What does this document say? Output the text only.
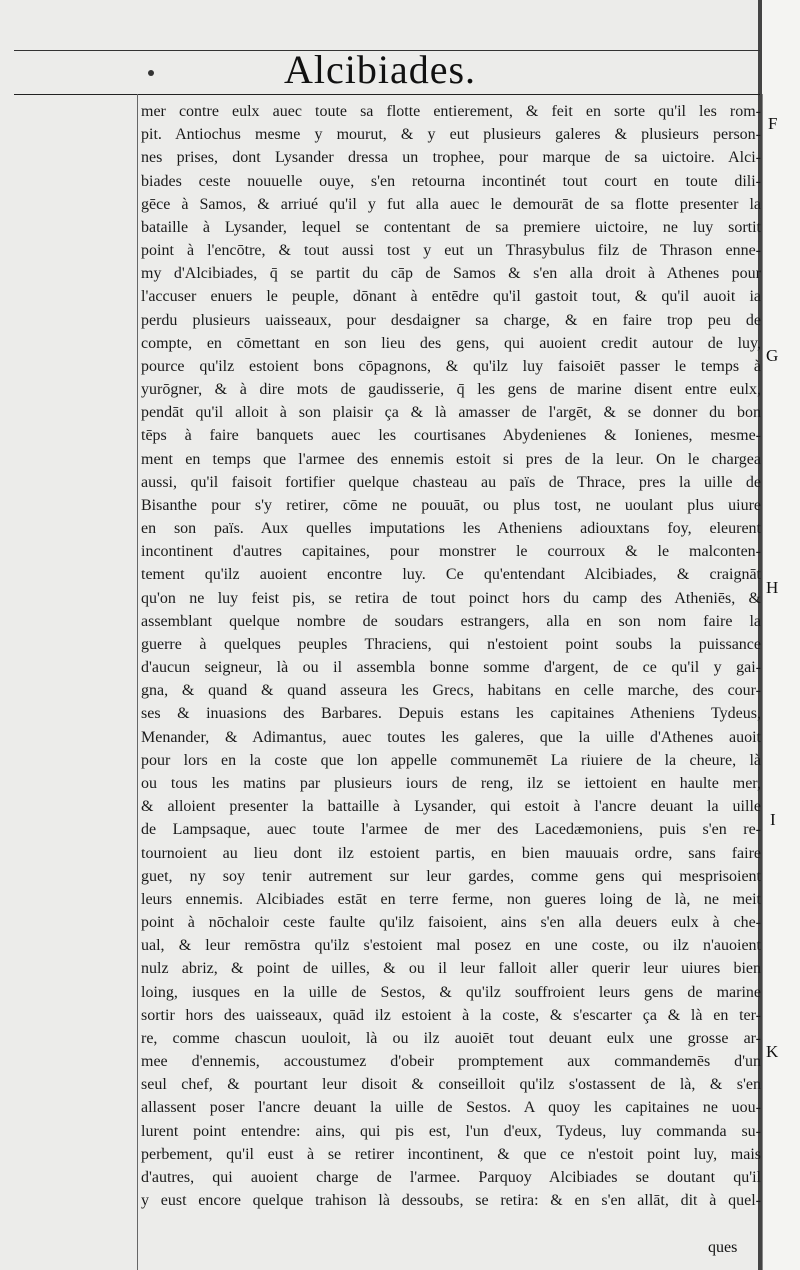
Alcibiades.
mer contre eulx auec toute sa flotte entierement, & feit en sorte qu'il les rom-
pit. Antiochus mesme y mourut, & y eut plusieurs galeres & plusieurs person-
nes prises, dont Lysander dressa un trophee, pour marque de sa uictoire. Alci-
biades ceste nouuelle ouye, s'en retourna incontinét tout court en toute dili-
gēce à Samos, & arriué qu'il y fut alla auec le demourāt de sa flotte presenter la
bataille à Lysander, lequel se contentant de sa premiere uictoire, ne luy sortit
point à l'encōtre, & tout aussi tost y eut un Thrasybulus filz de Thrason enne-
my d'Alcibiades, q̄ se partit du cāp de Samos & s'en alla droit à Athenes pour
l'accuser enuers le peuple, dōnant à entēdre qu'il gastoit tout, & qu'il auoit ia
perdu plusieurs uaisseaux, pour desdaigner sa charge, & en faire trop peu de
compte, en cōmettant en son lieu des gens, qui auoient credit autour de luy,
pource qu'ilz estoient bons cōpagnons, & qu'ilz luy faisoiēt passer le temps à
yurōgner, & à dire mots de gaudisserie, q̄ les gens de marine disent entre eulx,
pendāt qu'il alloit à son plaisir ça & là amasser de l'argēt, & se donner du bon
tēps à faire banquets auec les courtisanes Abydenienes & Ionienes, mesme-
ment en temps que l'armee des ennemis estoit si pres de la leur. On le chargea
aussi, qu'il faisoit fortifier quelque chasteau au païs de Thrace, pres la uille de
Bisanthe pour s'y retirer, cōme ne pouuāt, ou plus tost, ne uoulant plus uiure
en son païs. Aux quelles imputations les Atheniens adiouxtans foy, eleurent
incontinent d'autres capitaines, pour monstrer le courroux & le malconten-
tement qu'ilz auoient encontre luy. Ce qu'entendant Alcibiades, & craignāt
qu'on ne luy feist pis, se retira de tout poinct hors du camp des Atheniēs, &
assemblant quelque nombre de soudars estrangers, alla en son nom faire la
guerre à quelques peuples Thraciens, qui n'estoient point soubs la puissance
d'aucun seigneur, là ou il assembla bonne somme d'argent, de ce qu'il y gai-
gna, & quand & quand asseura les Grecs, habitans en celle marche, des cour-
ses & inuasions des Barbares. Depuis estans les capitaines Atheniens Tydeus,
Menander, & Adimantus, auec toutes les galeres, que la uille d'Athenes auoit
pour lors en la coste que lon appelle communemēt La riuiere de la cheure, là
ou tous les matins par plusieurs iours de reng, ilz se iettoient en haulte mer,
& alloient presenter la battaille à Lysander, qui estoit à l'ancre deuant la uille
de Lampsaque, auec toute l'armee de mer des Lacedæmoniens, puis s'en re-
tournoient au lieu dont ilz estoient partis, en bien mauuais ordre, sans faire
guet, ny soy tenir autrement sur leur gardes, comme gens qui mesprisoient
leurs ennemis. Alcibiades estāt en terre ferme, non gueres loing de là, ne meit
point à nōchaloir ceste faulte qu'ilz faisoient, ains s'en alla deuers eulx à che-
ual, & leur remōstra qu'ilz s'estoient mal posez en une coste, ou ilz n'auoient
nulz abriz, & point de uilles, & ou il leur falloit aller querir leur uiures bien
loing, iusques en la uille de Sestos, & qu'ilz souffroient leurs gens de marine
sortir hors des uaisseaux, quād ilz estoient à la coste, & s'escarter ça & là en ter-
re, comme chascun uouloit, là ou ilz auoiēt tout deuant eulx une grosse ar-
mee d'ennemis, accoustumez d'obeir promptement aux commandemēs d'un
seul chef, & pourtant leur disoit & conseilloit qu'ilz s'ostassent de là, & s'en
allassent poser l'ancre deuant la uille de Sestos. A quoy les capitaines ne uou-
lurent point entendre: ains, qui pis est, l'un d'eux, Tydeus, luy commanda su-
perbement, qu'il eust à se retirer incontinent, & que ce n'estoit point luy, mais
d'autres, qui auoient charge de l'armee. Parquoy Alcibiades se doutant qu'il
y eust encore quelque trahison là dessoubs, se retira: & en s'en allāt, dit à quel-
F
G
H
I
K
ques
